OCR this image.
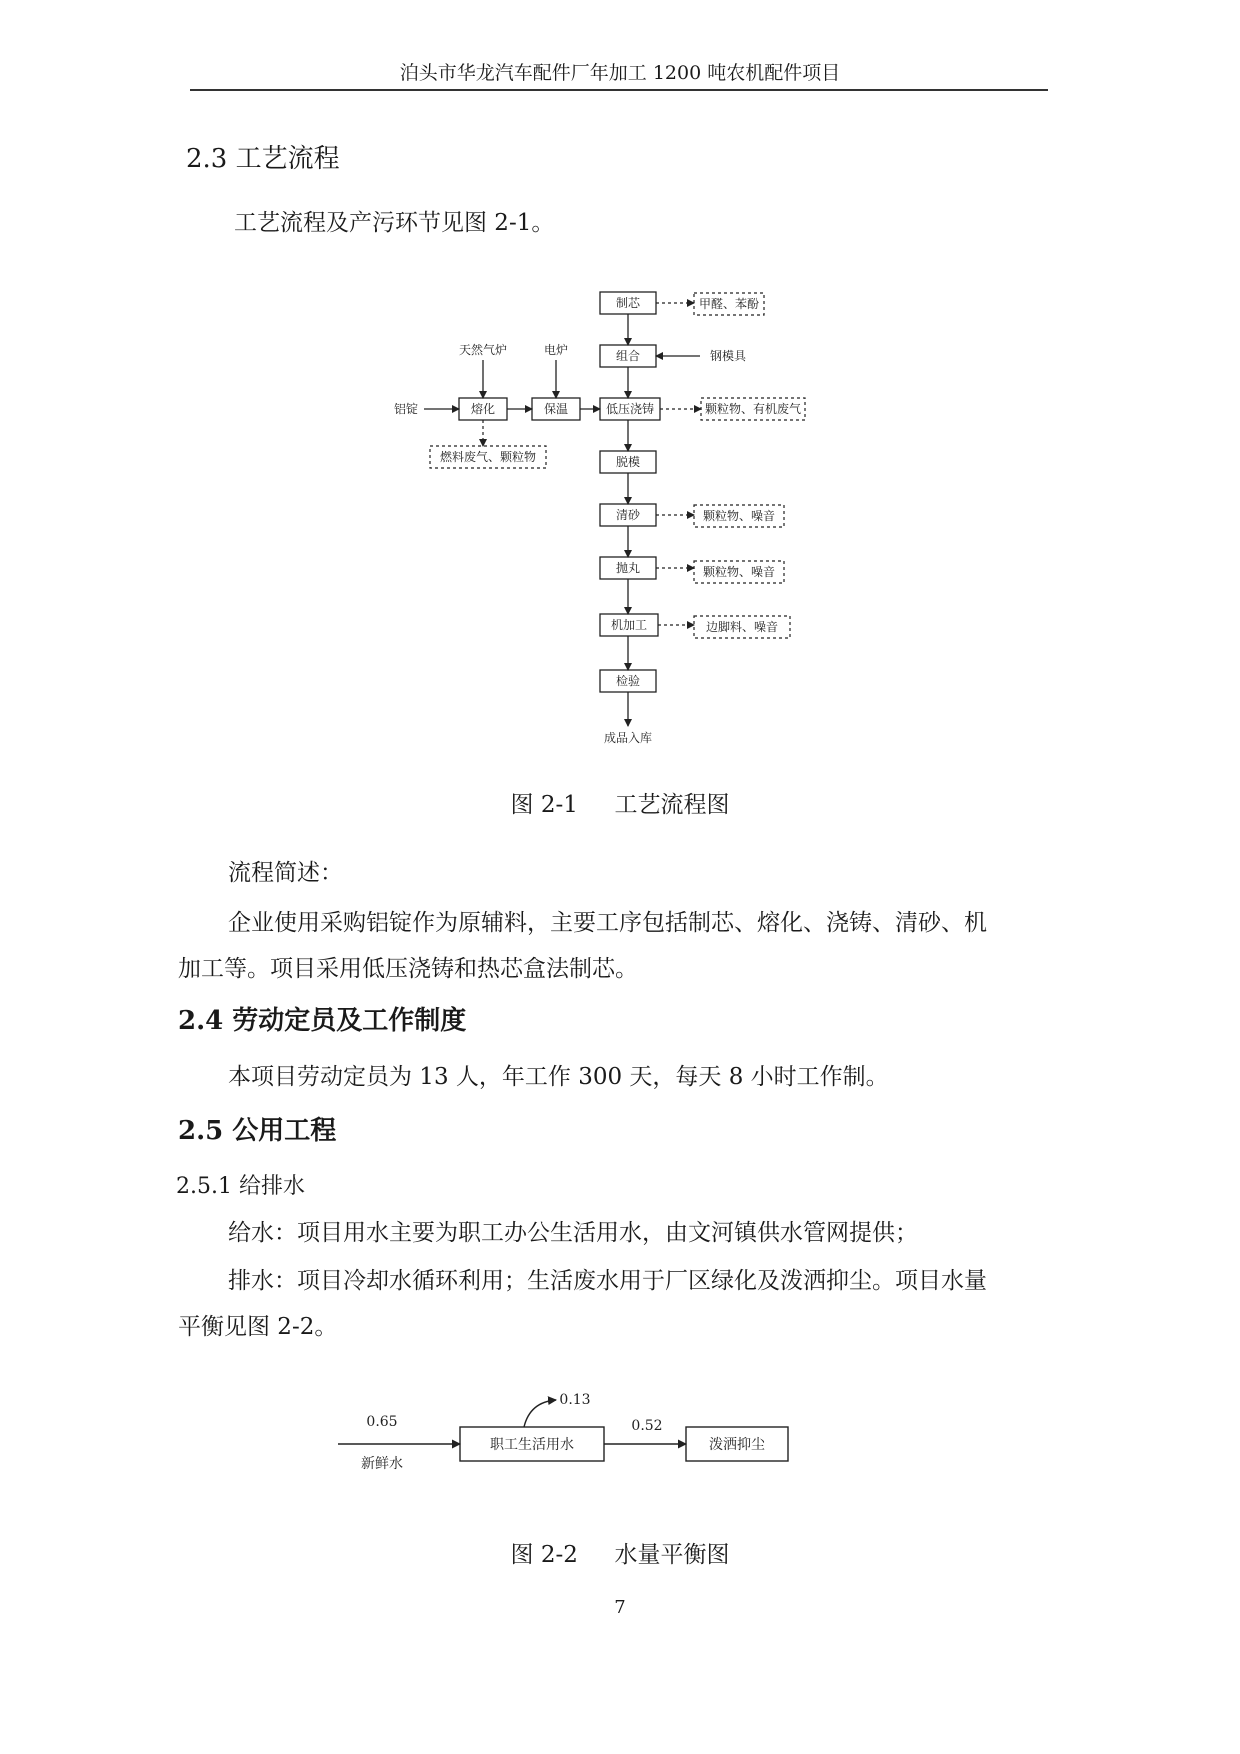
泊头市华龙汽车配件厂年加工 1200 吨农机配件项目
2.3 工艺流程
工艺流程及产污环节见图 2-1。
制芯
组合
低压浇铸
脱模
清砂
抛丸
机加工
检验
熔化	保温
铝锭
天然气炉	电炉	钢模具
甲醛、苯酚
颗粒物、有机废气
燃料废气、颗粒物
颗粒物、噪音
颗粒物、噪音
边脚料、噪音
成品入库
图 2-1     工艺流程图
流程简述：
企业使用采购铝锭作为原辅料，主要工序包括制芯、熔化、浇铸、清砂、机
加工等。项目采用低压浇铸和热芯盒法制芯。
2.4 劳动定员及工作制度
本项目劳动定员为 13 人，年工作 300 天，每天 8 小时工作制。
2.5 公用工程
2.5.1 给排水
给水：项目用水主要为职工办公生活用水，由文河镇供水管网提供；
排水：项目冷却水循环利用；生活废水用于厂区绿化及泼洒抑尘。项目水量
平衡见图 2-2。
职工生活用水	泼洒抑尘
0.65
新鲜水
0.13
0.52
图 2-2     水量平衡图
7
